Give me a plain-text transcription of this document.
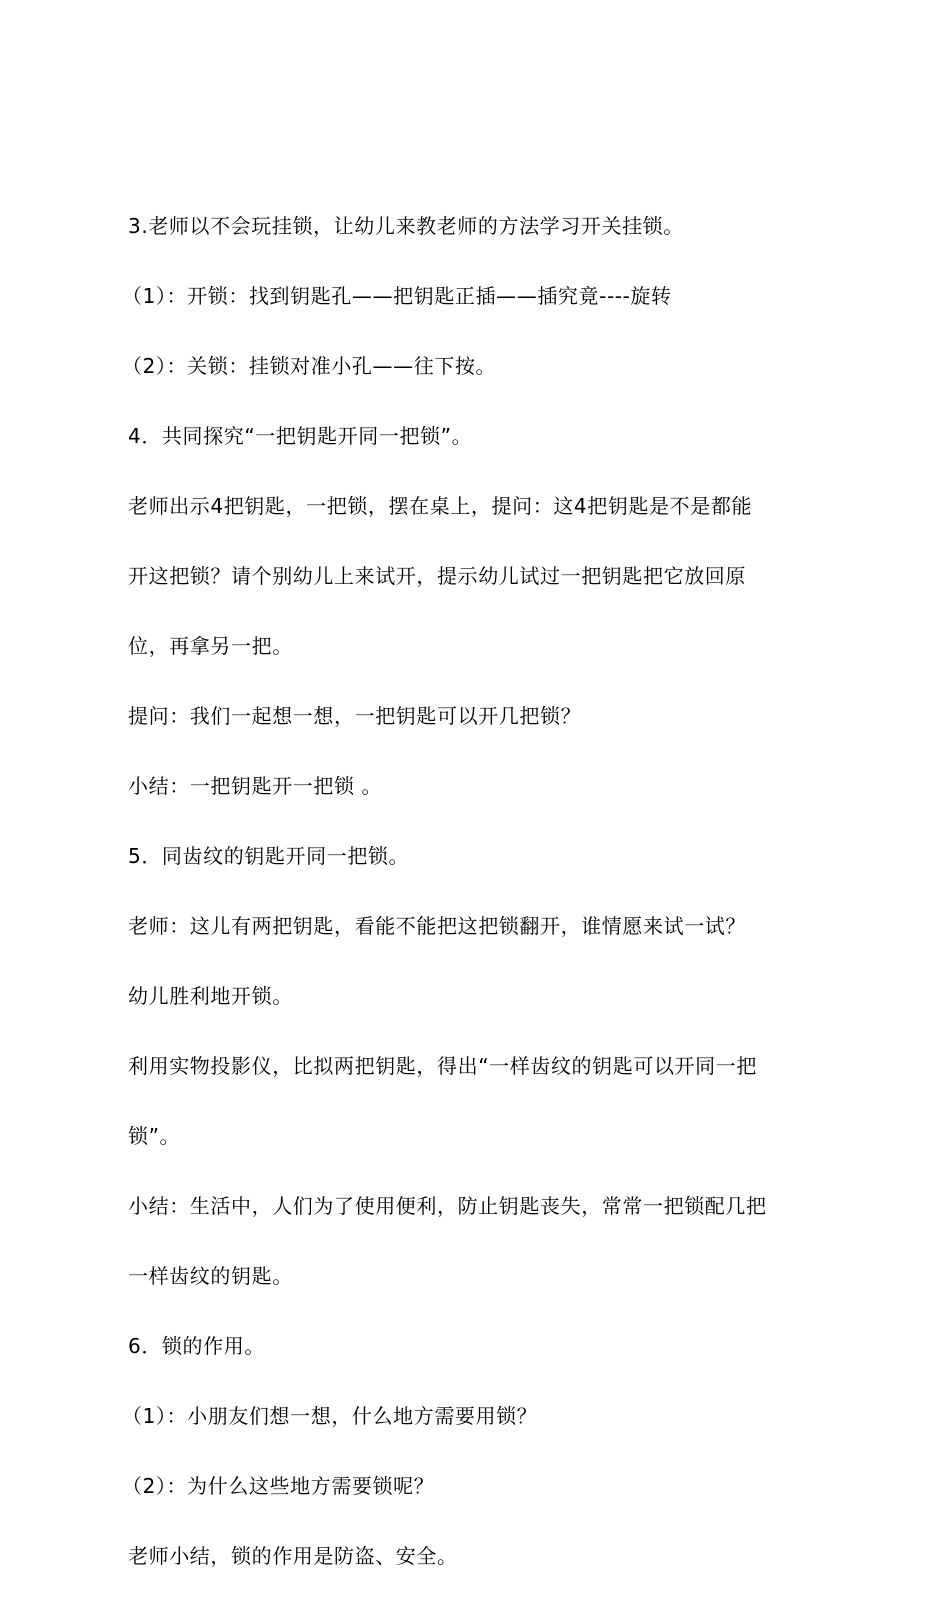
3.老师以不会玩挂锁，让幼儿来教老师的方法学习开关挂锁。

（1）：开锁：找到钥匙孔——把钥匙正插——插究竟----旋转

（2）：关锁：挂锁对准小孔——往下按。

4．共同探究“一把钥匙开同一把锁”。

老师出示4把钥匙，一把锁，摆在桌上，提问：这4把钥匙是不是都能

开这把锁？请个别幼儿上来试开，提示幼儿试过一把钥匙把它放回原

位，再拿另一把。

提问：我们一起想一想，一把钥匙可以开几把锁？

小结：一把钥匙开一把锁 。

5．同齿纹的钥匙开同一把锁。

老师：这儿有两把钥匙，看能不能把这把锁翻开，谁情愿来试一试？

幼儿胜利地开锁。

利用实物投影仪，比拟两把钥匙，得出“一样齿纹的钥匙可以开同一把

锁”。

小结：生活中，人们为了使用便利，防止钥匙丧失，常常一把锁配几把

一样齿纹的钥匙。

6．锁的作用。

（1）：小朋友们想一想，什么地方需要用锁？

（2）：为什么这些地方需要锁呢？

老师小结，锁的作用是防盗、安全。
